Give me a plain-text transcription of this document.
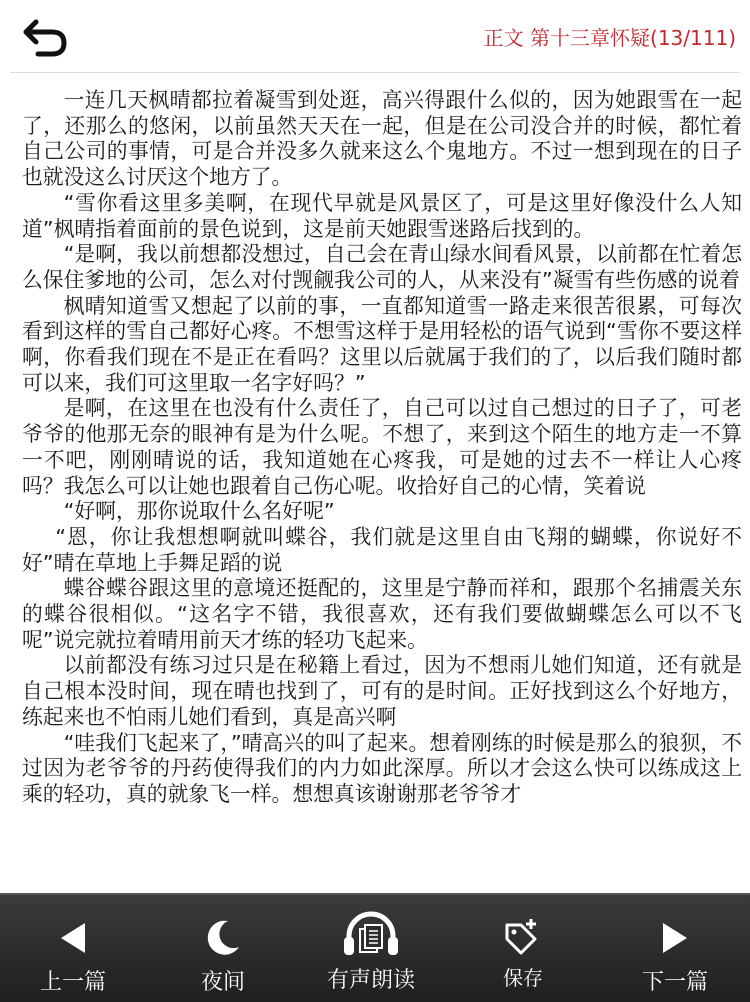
正文 第十三章怀疑(13/111)

一连几天枫晴都拉着凝雪到处逛，高兴得跟什么似的，因为她跟雪在一起了，还那么的悠闲，以前虽然天天在一起，但是在公司没合并的时候，都忙着自己公司的事情，可是合并没多久就来这么个鬼地方。不过一想到现在的日子也就没这么讨厌这个地方了。

“雪你看这里多美啊，在现代早就是风景区了，可是这里好像没什么人知道”枫晴指着面前的景色说到，这是前天她跟雪迷路后找到的。

“是啊，我以前想都没想过，自己会在青山绿水间看风景，以前都在忙着怎么保住爹地的公司，怎么对付觊觎我公司的人，从来没有”凝雪有些伤感的说着

枫晴知道雪又想起了以前的事，一直都知道雪一路走来很苦很累，可每次看到这样的雪自己都好心疼。不想雪这样于是用轻松的语气说到“雪你不要这样啊，你看我们现在不是正在看吗？这里以后就属于我们的了，以后我们随时都可以来，我们可这里取一名字好吗？”

是啊，在这里在也没有什么责任了，自己可以过自己想过的日子了，可老爷爷的他那无奈的眼神有是为什么呢。不想了，来到这个陌生的地方走一不算一不吧，刚刚晴说的话，我知道她在心疼我，可是她的过去不一样让人心疼吗？我怎么可以让她也跟着自己伤心呢。收拾好自己的心情，笑着说

“好啊，那你说取什么名好呢”

“恩，你让我想想啊就叫蝶谷，我们就是这里自由飞翔的蝴蝶，你说好不好”晴在草地上手舞足蹈的说

蝶谷蝶谷跟这里的意境还挺配的，这里是宁静而祥和，跟那个名捕震关东的蝶谷很相似。“这名字不错，我很喜欢，还有我们要做蝴蝶怎么可以不飞呢”说完就拉着晴用前天才练的轻功飞起来。

以前都没有练习过只是在秘籍上看过，因为不想雨儿她们知道，还有就是自己根本没时间，现在晴也找到了，可有的是时间。正好找到这么个好地方，练起来也不怕雨儿她们看到，真是高兴啊

“哇我们飞起来了，”晴高兴的叫了起来。想着刚练的时候是那么的狼狈，不过因为老爷爷的丹药使得我们的内力如此深厚。所以才会这么快可以练成这上乘的轻功，真的就象飞一样。想想真该谢谢那老爷爷才

上一篇	夜间	有声朗读	保存	下一篇
